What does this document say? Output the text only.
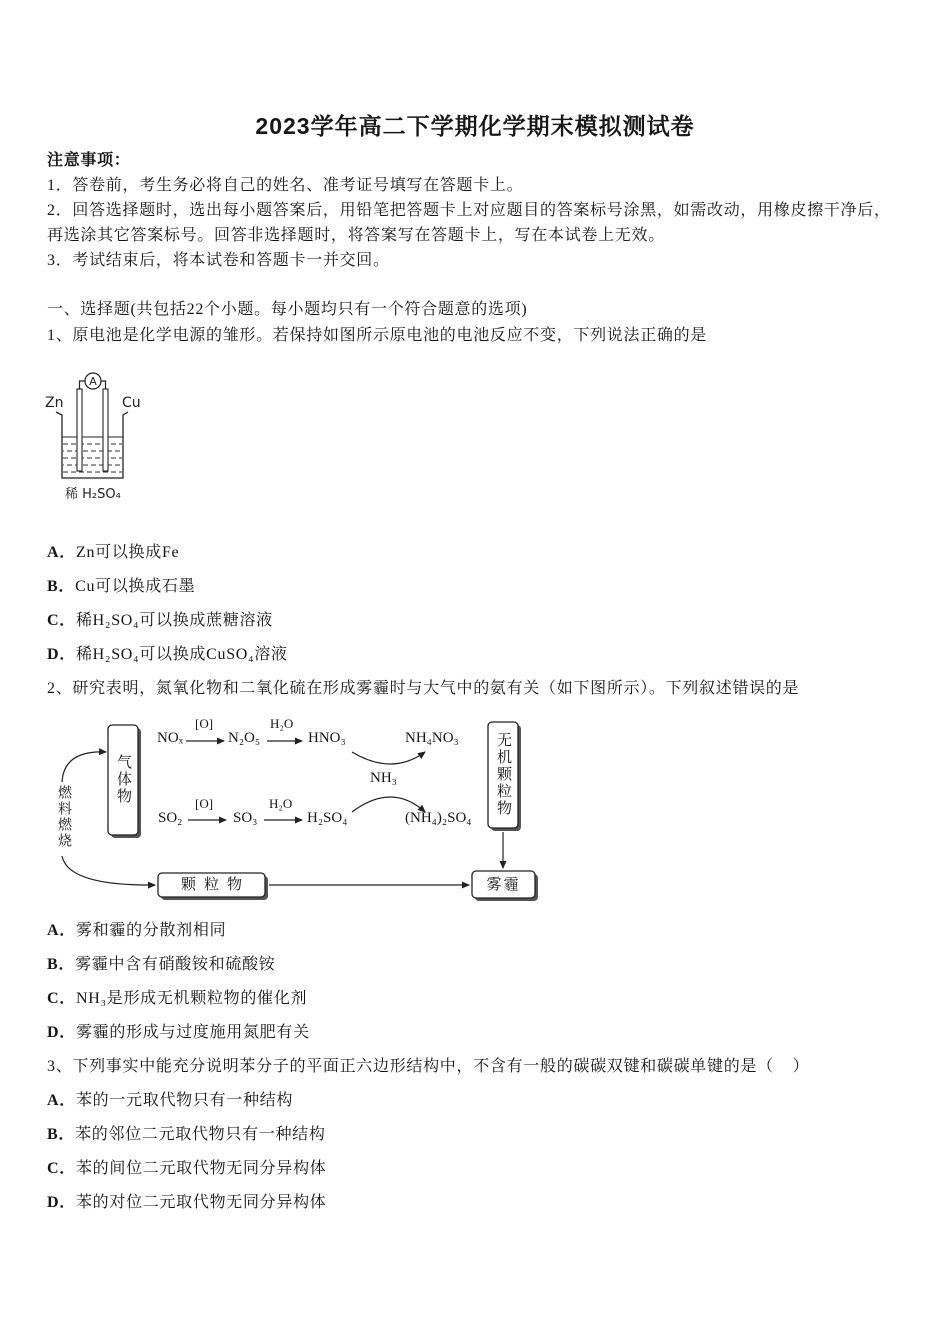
2023学年高二下学期化学期末模拟测试卷
注意事项：
1．答卷前，考生务必将自己的姓名、准考证号填写在答题卡上。
2．回答选择题时，选出每小题答案后，用铅笔把答题卡上对应题目的答案标号涂黑，如需改动，用橡皮擦干净后，
再选涂其它答案标号。回答非选择题时，将答案写在答题卡上，写在本试卷上无效。
3．考试结束后，将本试卷和答题卡一并交回。
一、选择题(共包括22个小题。每小题均只有一个符合题意的选项)
1、原电池是化学电源的雏形。若保持如图所示原电池的电池反应不变，下列说法正确的是
A
Zn	Cu
稀 H₂SO₄
A．Zn可以换成Fe
B．Cu可以换成石墨
C．稀H₂SO₄可以换成蔗糖溶液
D．稀H₂SO₄可以换成CuSO₄溶液
2、研究表明，氮氧化物和二氧化硫在形成雾霾时与大气中的氨有关（如下图所示）。下列叙述错误的是
燃料燃烧
气体物	无机颗粒物
颗粒物	雾霾
NOₓ
[O]
N₂O₅
H₂O
HNO₃	NH₄NO₃
NH₃
SO₂
[O]
SO₃
H₂O
H₂SO₄	(NH₄)₂SO₄
A．雾和霾的分散剂相同
B．雾霾中含有硝酸铵和硫酸铵
C．NH₃是形成无机颗粒物的催化剂
D．雾霾的形成与过度施用氮肥有关
3、下列事实中能充分说明苯分子的平面正六边形结构中，不含有一般的碳碳双键和碳碳单键的是（    ）
A．苯的一元取代物只有一种结构
B．苯的邻位二元取代物只有一种结构
C．苯的间位二元取代物无同分异构体
D．苯的对位二元取代物无同分异构体
